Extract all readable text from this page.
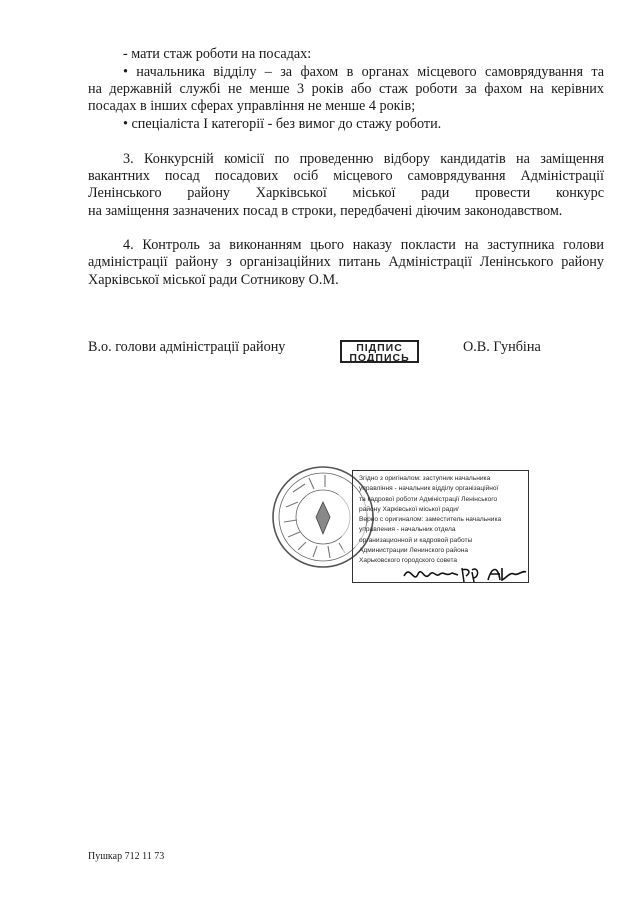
- мати стаж роботи на посадах:
• начальника відділу – за фахом в органах місцевого самоврядування та
на державній службі не менше 3 років або стаж роботи за фахом на керівних
посадах в інших сферах управління не менше 4 років;
• спеціаліста I категорії - без вимог до стажу роботи.
3. Конкурсній комісії по проведенню відбору кандидатів на заміщення
вакантних посад посадових осіб місцевого самоврядування Адміністрації
Ленінського району Харківської міської ради провести конкурс
на заміщення зазначених посад в строки, передбачені діючим законодавством.
4. Контроль за виконанням цього наказу покласти на заступника голови
адміністрації району з організаційних питань Адміністрації Ленінського району
Харківської міської ради Сотникову О.М.
В.о. голови адміністрації району	О.В. Гунбіна
ПІДПИС
ПОДПИСЬ
Згідно з оригіналом: заступник начальника
управління - начальник відділу організаційної
та кадрової роботи Адміністрації Ленінського
району Харківської міської ради/
Верно с оригиналом: заместитель начальника
управления - начальник отдела
организационной и кадровой работы
Администрации Ленинского района
Харьковского городского совета
Пушкар 712 11 73
